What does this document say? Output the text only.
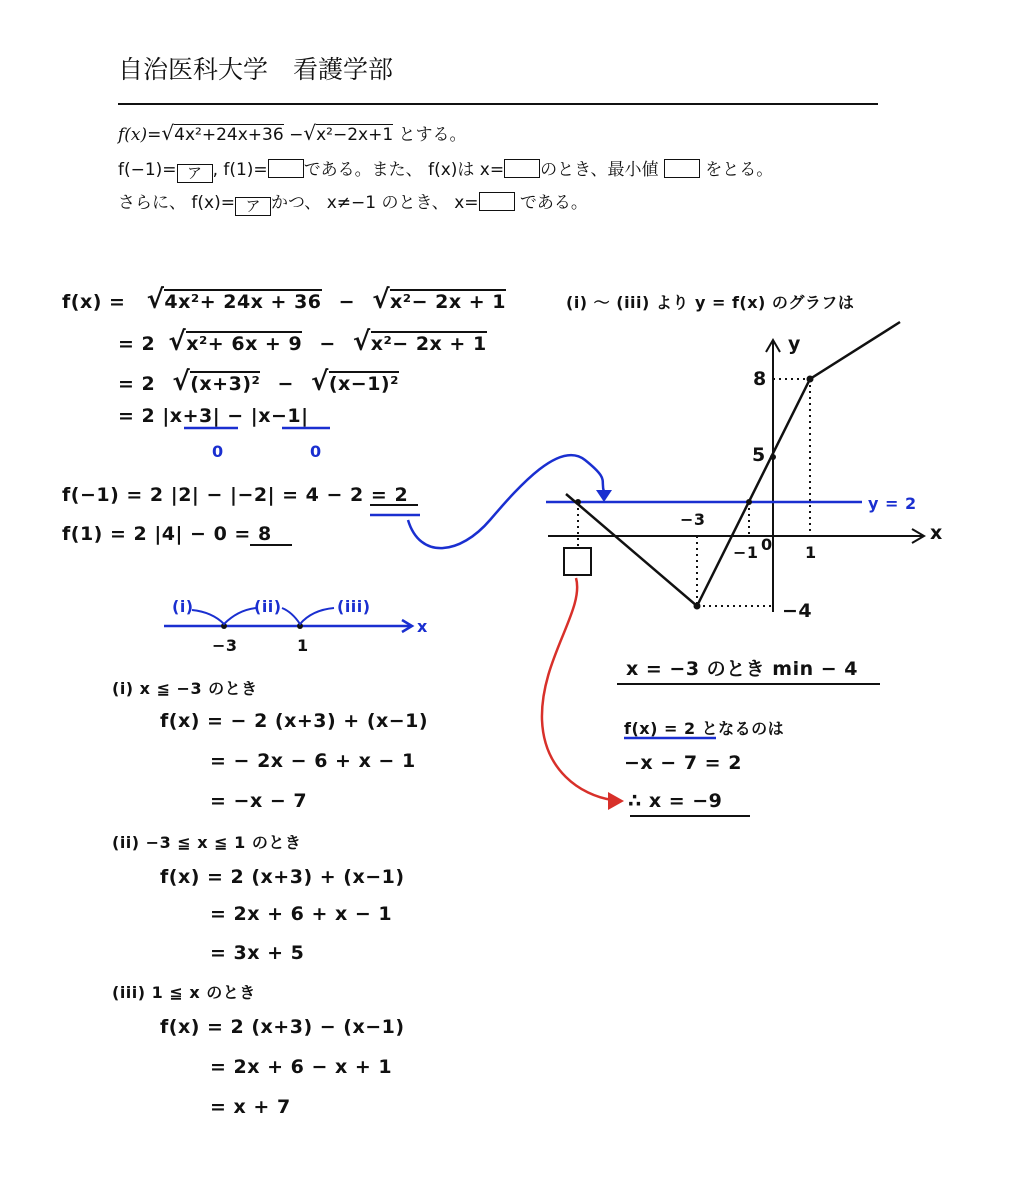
自治医科大学　看護学部
f(x)=√4x²+24x+36 −√x²−2x+1 とする。
f(−1)= ア , f(1)= である。また、 f(x)は x= のとき、最小値	をとる。
さらに、 f(x)= ア かつ、 x≠−1 のとき、 x= である。
f(x) = √4x²+ 24x + 36 − √x²− 2x + 1
= 2 √x²+ 6x + 9 − √x²− 2x + 1
= 2 √(x+3)² − √(x−1)²
= 2 |x+3| − |x−1|
0	0
f(−1) = 2 |2| − |−2| = 4 − 2 = 2
f(1) = 2 |4| − 0 = 8
(i)	(ii)	(iii)
−3	1
x
(i) x ≦ −3 のとき
f(x) = − 2 (x+3) + (x−1)
= − 2x − 6 + x − 1
= −x − 7
(ii) −3 ≦ x ≦ 1 のとき
f(x) = 2 (x+3) + (x−1)
= 2x + 6 + x − 1
= 3x + 5
(iii) 1 ≦ x のとき
f(x) = 2 (x+3) − (x−1)
= 2x + 6 − x + 1
= x + 7
(i) 〜 (iii) より y = f(x) のグラフは
y
x
8
5
−4
−3
−1 0 1
y = 2
x = −3 のとき min − 4
f(x) = 2 となるのは
−x − 7 = 2
∴ x = −9
